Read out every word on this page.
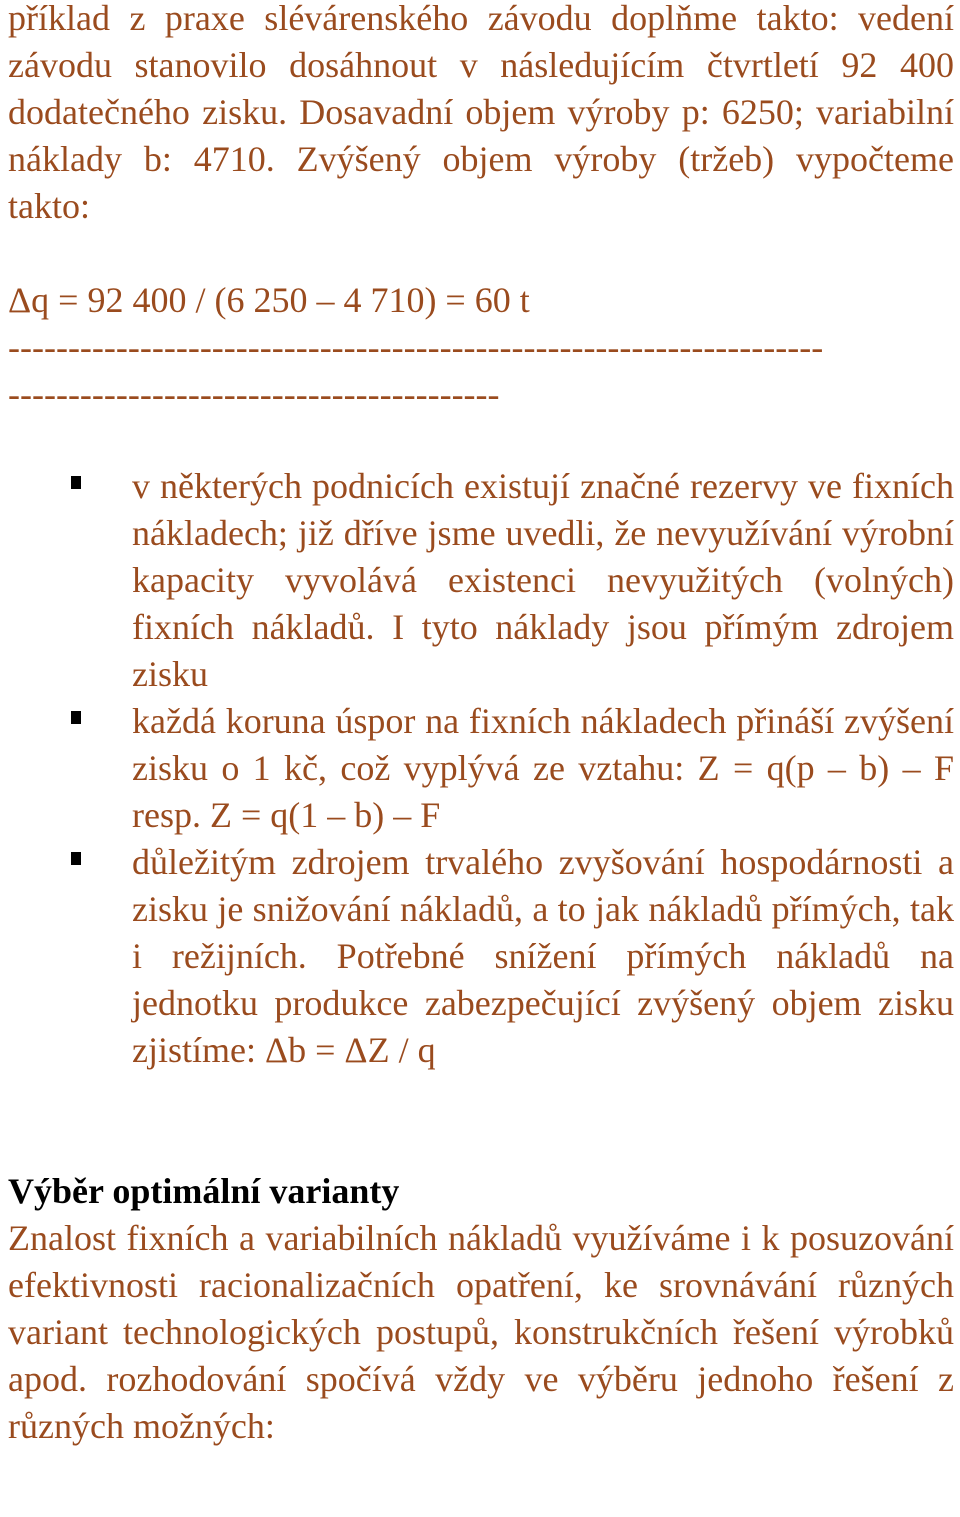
příklad z praxe slévárenského závodu doplňme takto: vedení závodu stanovilo dosáhnout v následujícím čtvrtletí 92 400 dodatečného zisku. Dosavadní objem výroby p: 6250; variabilní náklady b: 4710. Zvýšený objem výroby (tržeb) vypočteme takto:

Δq = 92 400 / (6 250 – 4 710) = 60 t

--------------------------------------------------------------------

-----------------------------------------

v některých podnicích existují značné rezervy ve fixních nákladech; již dříve jsme uvedli, že nevyužívání výrobní kapacity vyvolává existenci nevyužitých (volných) fixních nákladů. I tyto náklady jsou přímým zdrojem zisku
každá koruna úspor na fixních nákladech přináší zvýšení zisku o 1 kč, což vyplývá ze vztahu: Z = q(p – b) – F resp. Z = q(1 – b) – F
důležitým zdrojem trvalého zvyšování hospodárnosti a zisku je snižování nákladů, a to jak nákladů přímých, tak i režijních. Potřebné snížení přímých nákladů na jednotku produkce zabezpečující zvýšený objem zisku zjistíme: Δb = ΔZ / q
Výběr optimální varianty

Znalost fixních a variabilních nákladů využíváme i k posuzování efektivnosti racionalizačních opatření, ke srovnávání různých variant technologických postupů, konstrukčních řešení výrobků apod. rozhodování spočívá vždy ve výběru jednoho řešení z různých možných:
